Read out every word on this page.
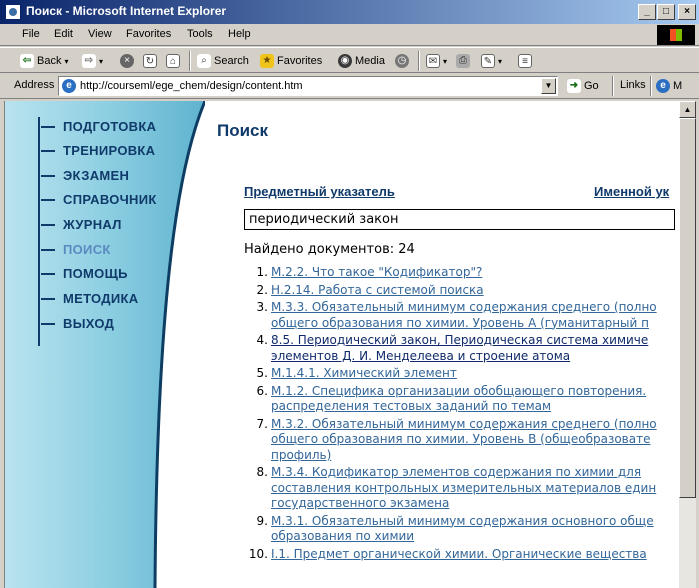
Поиск - Microsoft Internet Explorer	_	□	×
File Edit View Favorites Tools Help
⇦ Back ▾ ⇨ ▾	×	↻	⌂	⌕ Search ★ Favorites ◉ Media ◷ ✉ ▾	⎙	✎ ▾	≡
Address	e http://courseml/ege_chem/design/content.htm	▼	➜ Go Links	e M
ПОДГОТОВКА
ТРЕНИРОВКА
ЭКЗАМЕН
СПРАВОЧНИК
ЖУРНАЛ
ПОИСК
ПОМОЩЬ
МЕТОДИКА
ВЫХОД
Поиск
Предметный указатель	Именной ук
периодический закон
Найдено документов: 24
1. М.2.2. Что такое "Кодификатор"?
2. Н.2.14. Работа с системой поиска
3. М.3.3. Обязательный минимум содержания среднего (полно
общего образования по химии. Уровень А (гуманитарный п
4. 8.5. Периодический закон, Периодическая система химиче
элементов Д. И. Менделеева и строение атома
5. М.1.4.1. Химический элемент
6. М.1.2. Специфика организации обобщающего повторения.
распределения тестовых заданий по темам
7. М.3.2. Обязательный минимум содержания среднего (полно
общего образования по химии. Уровень В (общеобразовате
профиль)
8. М.3.4. Кодификатор элементов содержания по химии для
составления контрольных измерительных материалов един
государственного экзамена
9. М.3.1. Обязательный минимум содержания основного обще
образования по химии
10. I.1. Предмет органической химии. Органические вещества
▲
